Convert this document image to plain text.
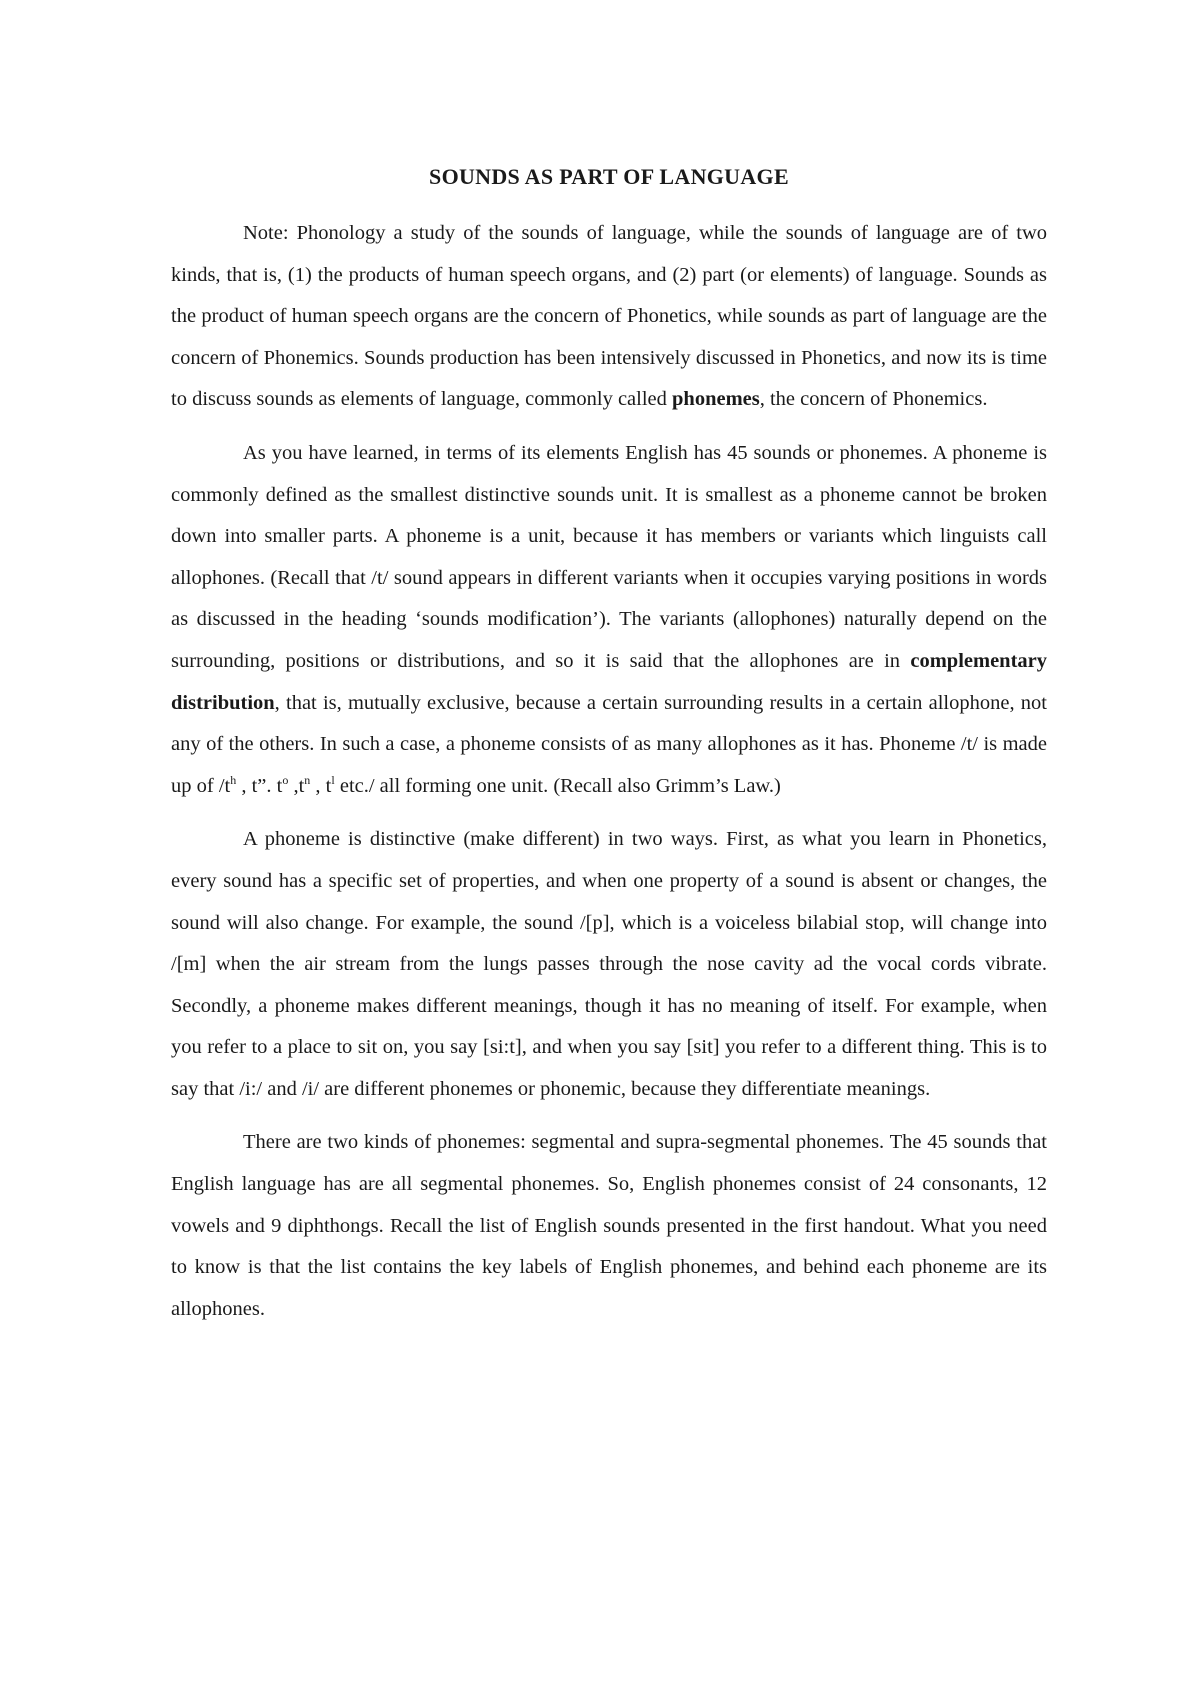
SOUNDS AS PART OF LANGUAGE

Note: Phonology a study of the sounds of language, while the sounds of language are of two kinds, that is, (1) the products of human speech organs, and (2) part (or elements) of language. Sounds as the product of human speech organs are the concern of Phonetics, while sounds as part of language are the concern of Phonemics. Sounds production has been intensively discussed in Phonetics, and now its is time to discuss sounds as elements of language, commonly called phonemes, the concern of Phonemics.

As you have learned, in terms of its elements English has 45 sounds or phonemes. A phoneme is commonly defined as the smallest distinctive sounds unit. It is smallest as a phoneme cannot be broken down into smaller parts. A phoneme is a unit, because it has members or variants which linguists call allophones. (Recall that /t/ sound appears in different variants when it occupies varying positions in words as discussed in the heading ‘sounds modification’). The variants (allophones) naturally depend on the surrounding, positions or distributions, and so it is said that the allophones are in complementary distribution, that is, mutually exclusive, because a certain surrounding results in a certain allophone, not any of the others. In such a case, a phoneme consists of as many allophones as it has. Phoneme /t/ is made up of $/t^h$ , t”. $t^o$ $,t^n$ , $t^l$ etc./ all forming one unit. (Recall also Grimm’s Law.)

A phoneme is distinctive (make different) in two ways. First, as what you learn in Phonetics, every sound has a specific set of properties, and when one property of a sound is absent or changes, the sound will also change. For example, the sound /[p], which is a voiceless bilabial stop, will change into /[m] when the air stream from the lungs passes through the nose cavity ad the vocal cords vibrate. Secondly, a phoneme makes different meanings, though it has no meaning of itself. For example, when you refer to a place to sit on, you say [si:t], and when you say [sit] you refer to a different thing. This is to say that /i:/ and /i/ are different phonemes or phonemic, because they differentiate meanings.

There are two kinds of phonemes: segmental and supra-segmental phonemes. The 45 sounds that English language has are all segmental phonemes. So, English phonemes consist of 24 consonants, 12 vowels and 9 diphthongs. Recall the list of English sounds presented in the first handout. What you need to know is that the list contains the key labels of English phonemes, and behind each phoneme are its allophones.
